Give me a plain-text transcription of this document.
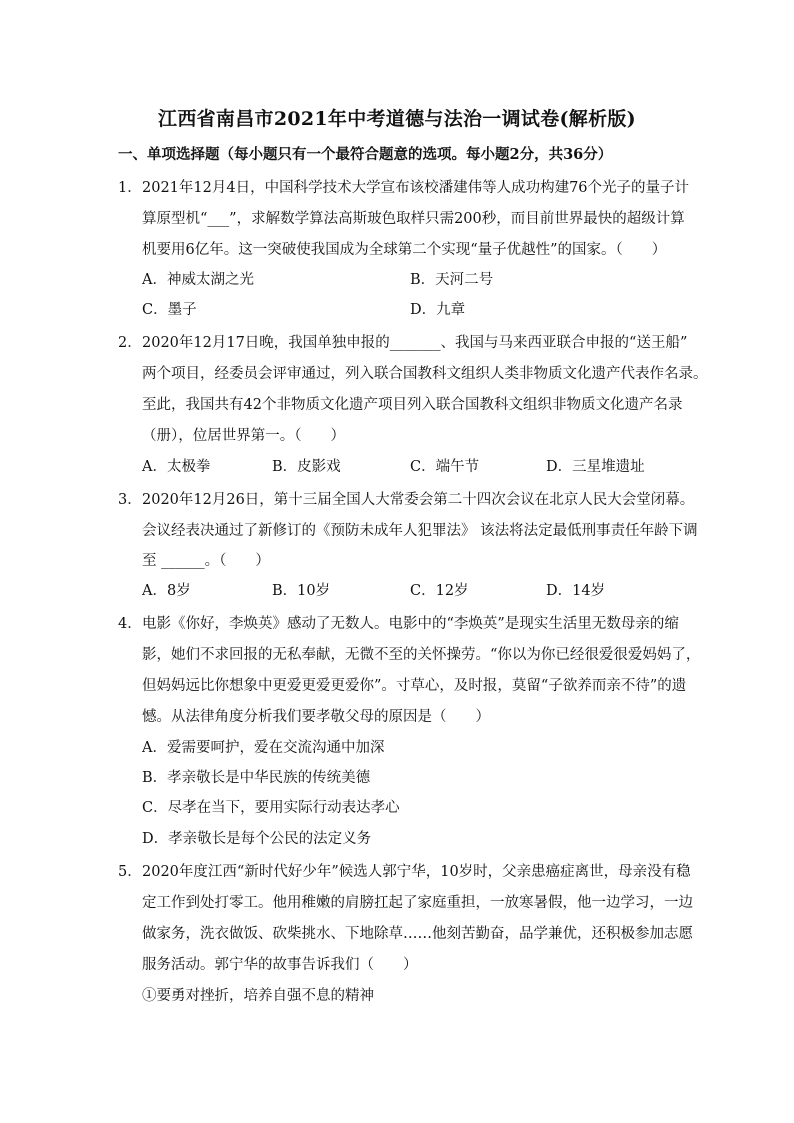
江西省南昌市2021年中考道德与法治一调试卷(解析版)
一、单项选择题（每小题只有一个最符合题意的选项。每小题2分，共36分）
1． 2021年12月4日，中国科学技术大学宣布该校潘建伟等人成功构建76个光子的量子计
算原型机“___”，求解数学算法高斯玻色取样只需200秒，而目前世界最快的超级计算
机要用6亿年。这一突破使我国成为全球第二个实现“量子优越性”的国家。（　　）
A．神威太湖之光	B．天河二号
C．墨子	D．九章
2． 2020年12月17日晚，我国单独申报的_______、我国与马来西亚联合申报的“送王船”
两个项目，经委员会评审通过，列入联合国教科文组织人类非物质文化遗产代表作名录。
至此，我国共有42个非物质文化遗产项目列入联合国教科文组织非物质文化遗产名录
（册），位居世界第一。（　　）
A．太极拳	B．皮影戏	C．端午节	D．三星堆遗址
3． 2020年12月26日，第十三届全国人大常委会第二十四次会议在北京人民大会堂闭幕。
会议经表决通过了新修订的《预防未成年人犯罪法》 该法将法定最低刑事责任年龄下调
至 ______。（　　）
A．8岁	B．10岁	C．12岁	D．14岁
4． 电影《你好，李焕英》感动了无数人。电影中的“李焕英”是现实生活里无数母亲的缩
影，她们不求回报的无私奉献，无微不至的关怀操劳。“你以为你已经很爱很爱妈妈了，
但妈妈远比你想象中更爱更爱更爱你”。寸草心，及时报，莫留“子欲养而亲不待”的遗
憾。从法律角度分析我们要孝敬父母的原因是（　　）
A．爱需要呵护，爱在交流沟通中加深
B．孝亲敬长是中华民族的传统美德
C．尽孝在当下，要用实际行动表达孝心
D．孝亲敬长是每个公民的法定义务
5． 2020年度江西“新时代好少年”候选人郭宁华，10岁时，父亲患癌症离世，母亲没有稳
定工作到处打零工。他用稚嫩的肩膀扛起了家庭重担，一放寒暑假，他一边学习，一边
做家务，洗衣做饭、砍柴挑水、下地除草……他刻苦勤奋，品学兼优，还积极参加志愿
服务活动。郭宁华的故事告诉我们（　　）
①要勇对挫折，培养自强不息的精神
